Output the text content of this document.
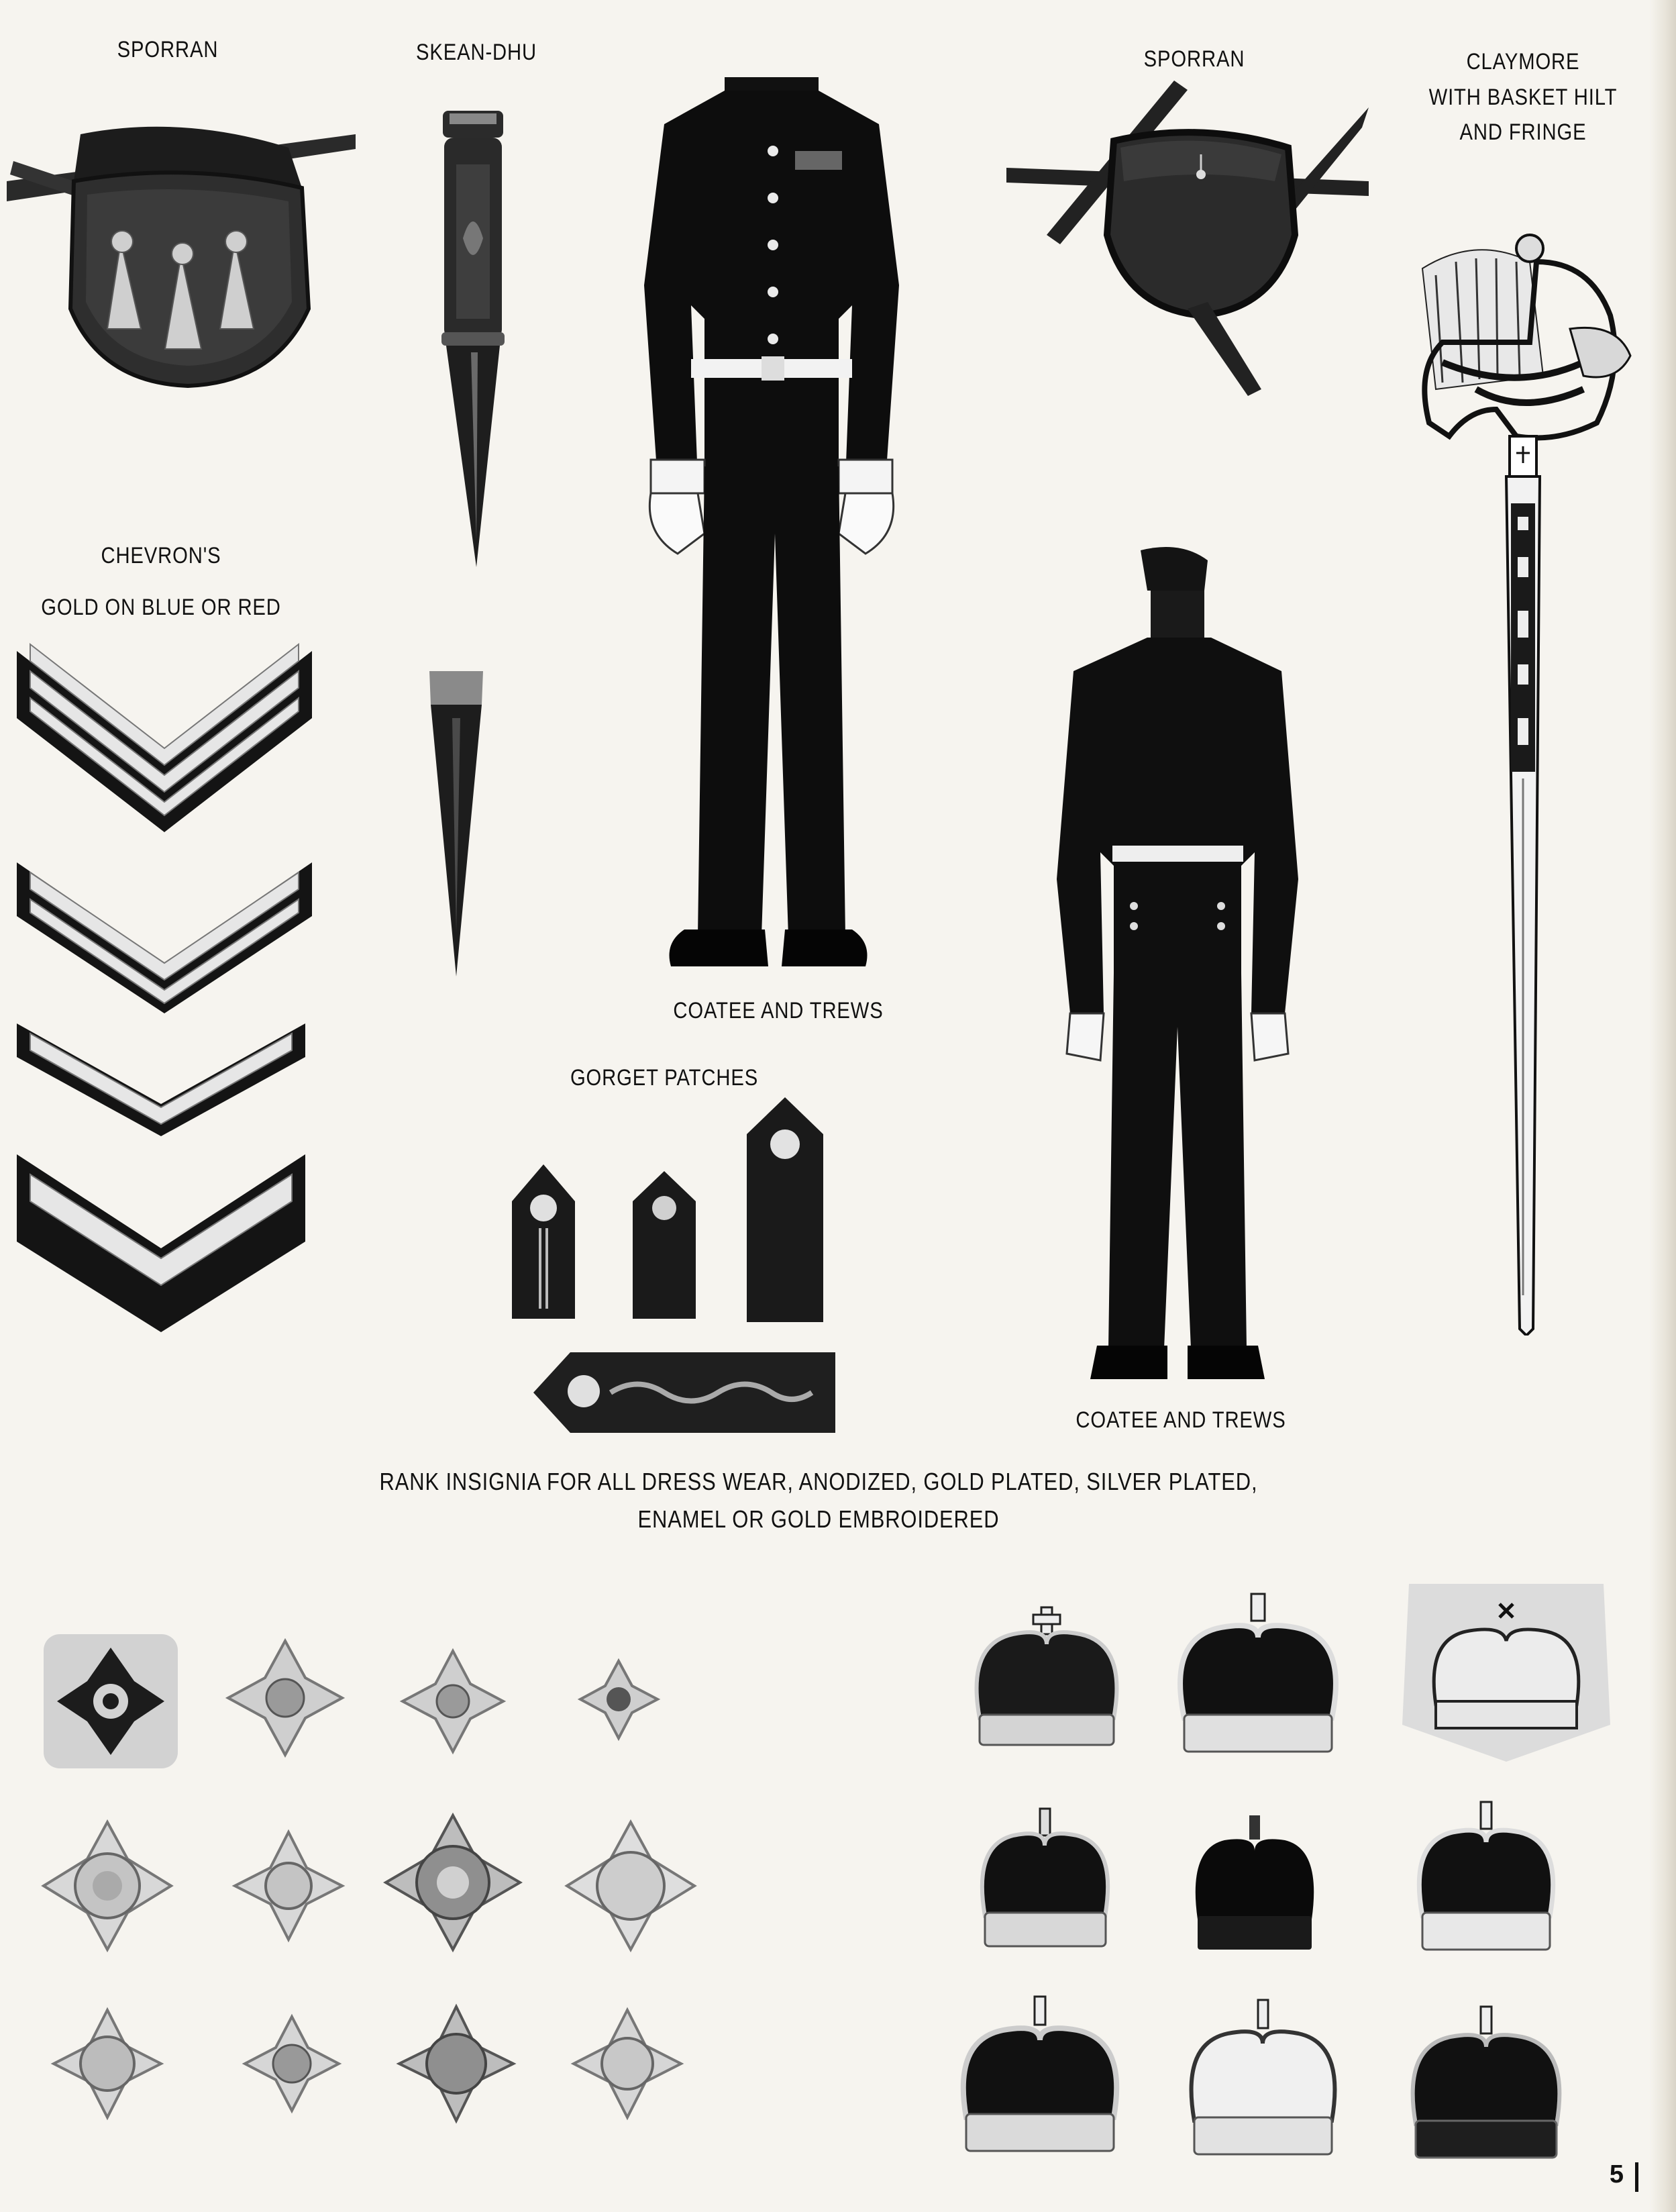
SPORRAN	SKEAN-DHU	SPORRAN	CLAYMORE
WITH BASKET HILT
AND FRINGE
CHEVRON'S
GOLD ON BLUE OR RED
COATEE AND TREWS
GORGET PATCHES
COATEE AND TREWS
RANK INSIGNIA FOR ALL DRESS WEAR, ANODIZED, GOLD PLATED, SILVER PLATED,
ENAMEL OR GOLD EMBROIDERED
5
